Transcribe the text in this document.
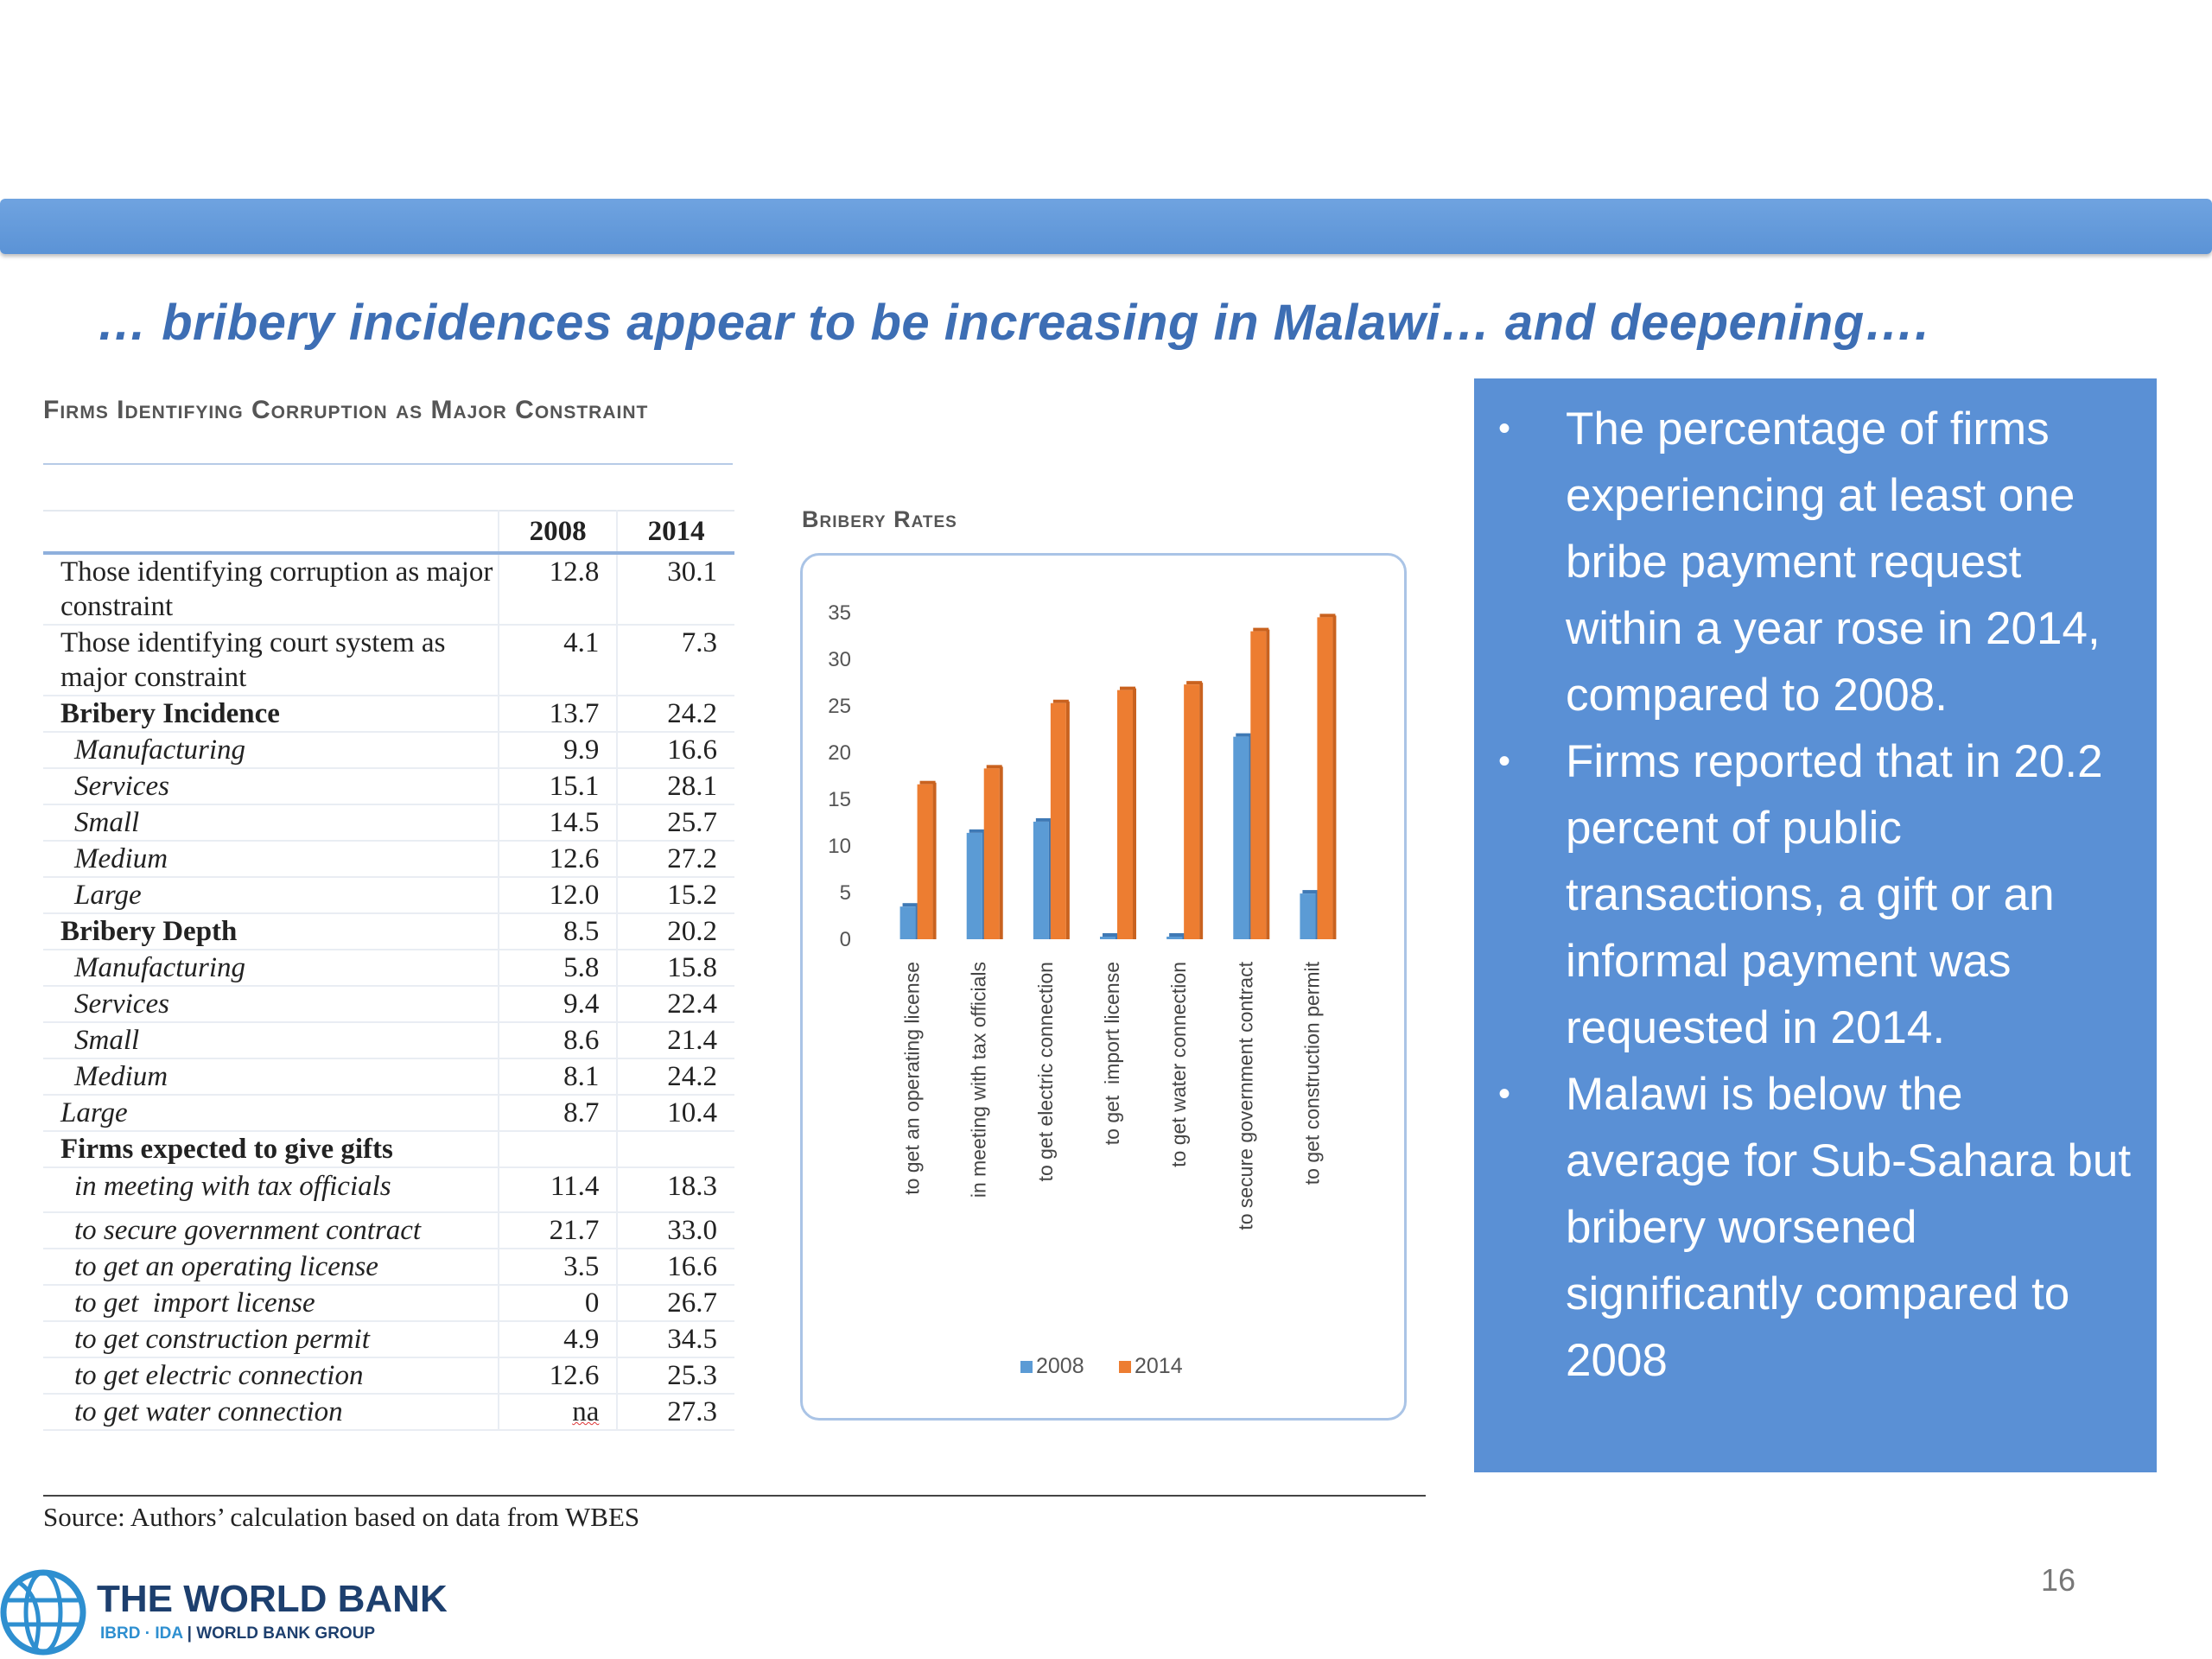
… bribery incidences appear to be increasing in Malawi… and deepening….
Firms Identifying Corruption as Major Constraint
	2008	2014
Those identifying corruption as major constraint	12.8	30.1
Those identifying court system as major constraint	4.1	7.3
Bribery Incidence	13.7	24.2
Manufacturing	9.9	16.6
Services	15.1	28.1
Small	14.5	25.7
Medium	12.6	27.2
Large	12.0	15.2
Bribery Depth	8.5	20.2
Manufacturing	5.8	15.8
Services	9.4	22.4
Small	8.6	21.4
Medium	8.1	24.2
Large	8.7	10.4
Firms expected to give gifts		
in meeting with tax officials	11.4	18.3
to secure government contract	21.7	33.0
to get an operating license	3.5	16.6
to get  import license	0	26.7
to get construction permit	4.9	34.5
to get electric connection	12.6	25.3
to get water connection	na	27.3
Bribery Rates
0
5
10
15
20
25
30
35
to get an operating license in meeting with tax officials to get electric connection to get  import license to get water connection to secure government contract to get construction permit
2008 2014
Source: Authors’ calculation based on data from WBES
• The percentage of firms experiencing at least one bribe payment request within a year rose in 2014, compared to 2008.
• Firms reported that in 20.2 percent of public transactions, a gift or an informal payment was requested in 2014.
• Malawi is below the average for Sub-Sahara but bribery worsened significantly compared to 2008
16
THE WORLD BANK
IBRD · IDA | WORLD BANK GROUP
